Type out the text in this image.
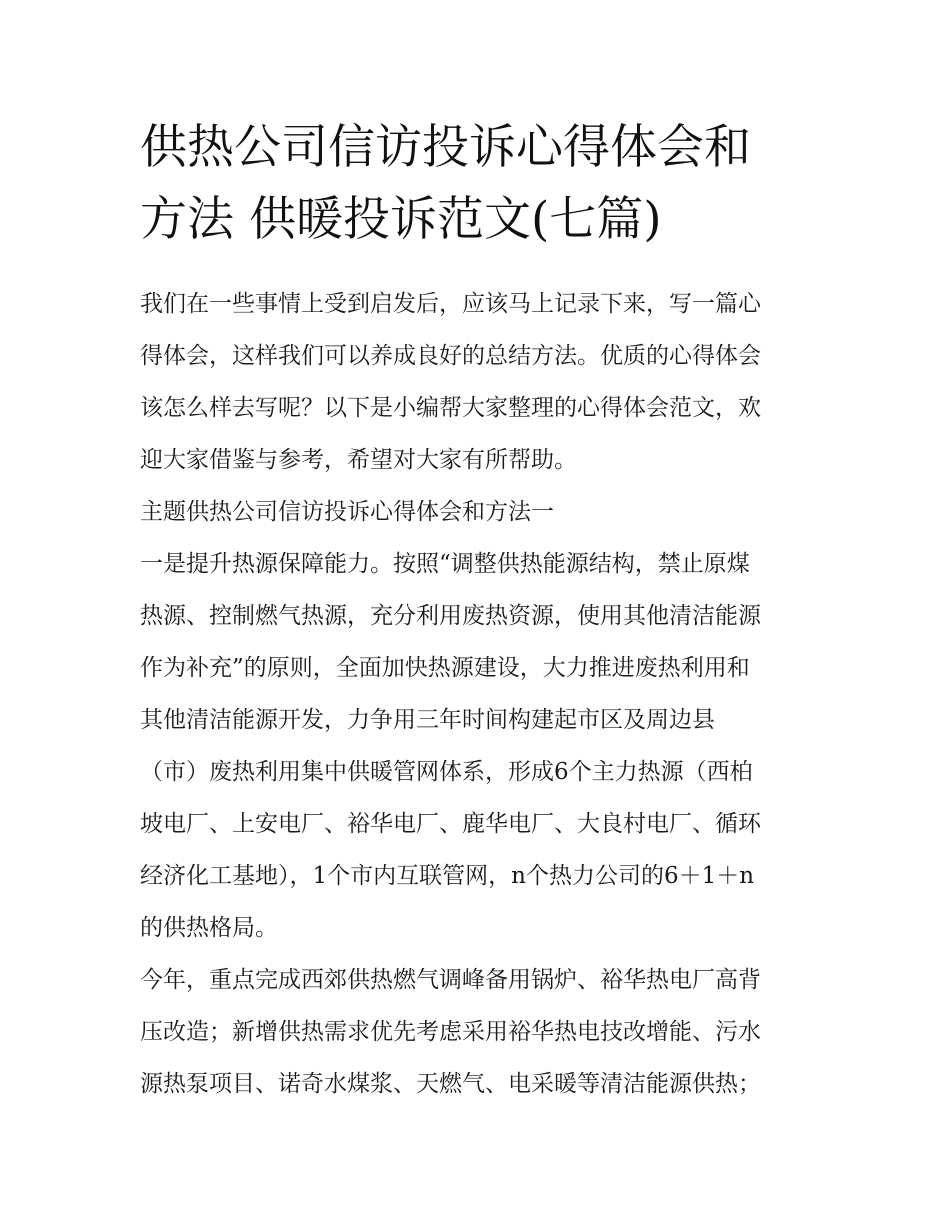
供热公司信访投诉心得体会和
方法 供暖投诉范文(七篇)
我们在一些事情上受到启发后，应该马上记录下来，写一篇心
得体会，这样我们可以养成良好的总结方法。优质的心得体会
该怎么样去写呢？以下是小编帮大家整理的心得体会范文，欢
迎大家借鉴与参考，希望对大家有所帮助。
主题供热公司信访投诉心得体会和方法一
一是提升热源保障能力。按照“调整供热能源结构，禁止原煤
热源、控制燃气热源，充分利用废热资源，使用其他清洁能源
作为补充”的原则，全面加快热源建设，大力推进废热利用和
其他清洁能源开发，力争用三年时间构建起市区及周边县
（市）废热利用集中供暖管网体系，形成6个主力热源（西柏
坡电厂、上安电厂、裕华电厂、鹿华电厂、大良村电厂、循环
经济化工基地），1个市内互联管网，n个热力公司的6＋1＋n
的供热格局。
今年，重点完成西郊供热燃气调峰备用锅炉、裕华热电厂高背
压改造；新增供热需求优先考虑采用裕华热电技改增能、污水
源热泵项目、诺奇水煤浆、天燃气、电采暖等清洁能源供热；
